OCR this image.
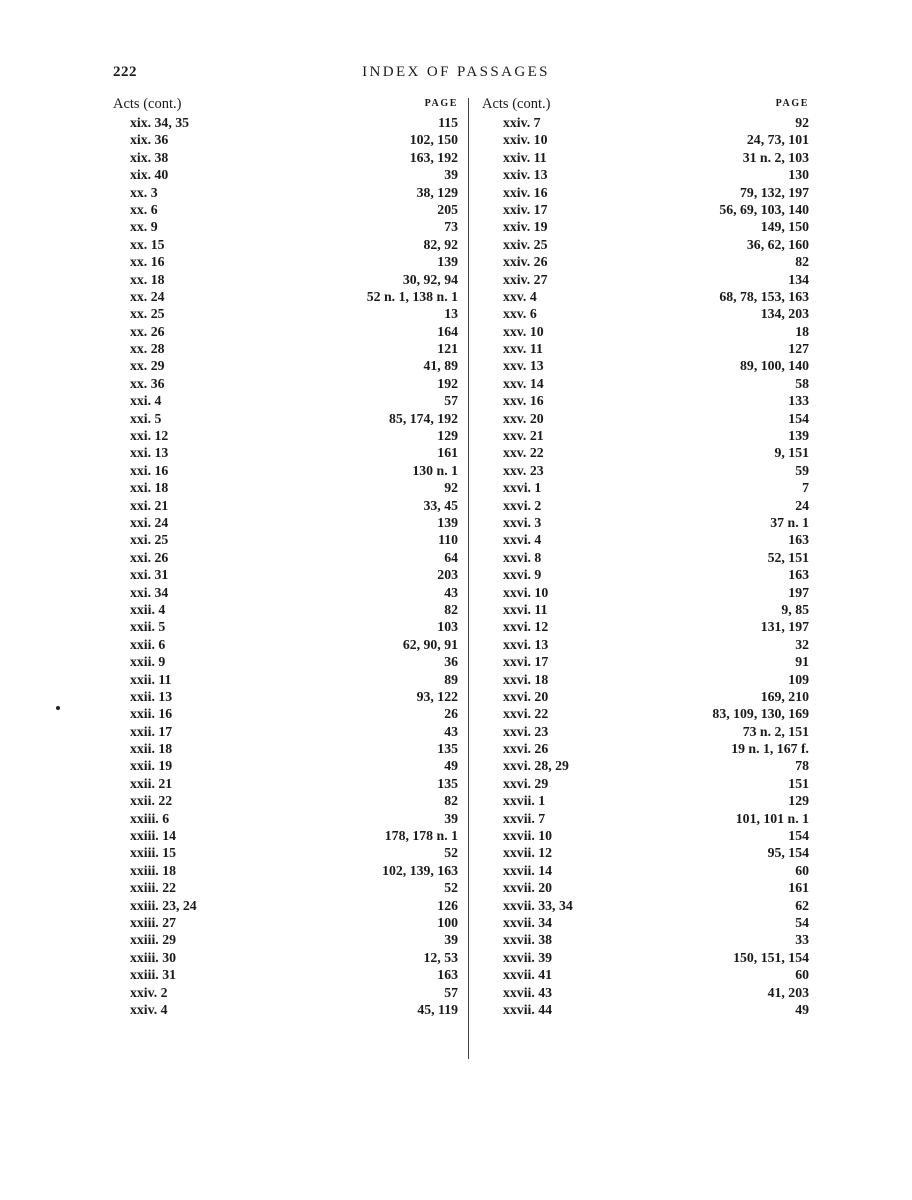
222	INDEX OF PASSAGES
Acts (cont.)	PAGE
xix. 34, 35	115
xix. 36	102, 150
xix. 38	163, 192
xix. 40	39
xx. 3	38, 129
xx. 6	205
xx. 9	73
xx. 15	82, 92
xx. 16	139
xx. 18	30, 92, 94
xx. 24	52 n. 1, 138 n. 1
xx. 25	13
xx. 26	164
xx. 28	121
xx. 29	41, 89
xx. 36	192
xxi. 4	57
xxi. 5	85, 174, 192
xxi. 12	129
xxi. 13	161
xxi. 16	130 n. 1
xxi. 18	92
xxi. 21	33, 45
xxi. 24	139
xxi. 25	110
xxi. 26	64
xxi. 31	203
xxi. 34	43
xxii. 4	82
xxii. 5	103
xxii. 6	62, 90, 91
xxii. 9	36
xxii. 11	89
xxii. 13	93, 122
xxii. 16	26
xxii. 17	43
xxii. 18	135
xxii. 19	49
xxii. 21	135
xxii. 22	82
xxiii. 6	39
xxiii. 14	178, 178 n. 1
xxiii. 15	52
xxiii. 18	102, 139, 163
xxiii. 22	52
xxiii. 23, 24	126
xxiii. 27	100
xxiii. 29	39
xxiii. 30	12, 53
xxiii. 31	163
xxiv. 2	57
xxiv. 4	45, 119
Acts (cont.)	PAGE
xxiv. 7	92
xxiv. 10	24, 73, 101
xxiv. 11	31 n. 2, 103
xxiv. 13	130
xxiv. 16	79, 132, 197
xxiv. 17	56, 69, 103, 140
xxiv. 19	149, 150
xxiv. 25	36, 62, 160
xxiv. 26	82
xxiv. 27	134
xxv. 4	68, 78, 153, 163
xxv. 6	134, 203
xxv. 10	18
xxv. 11	127
xxv. 13	89, 100, 140
xxv. 14	58
xxv. 16	133
xxv. 20	154
xxv. 21	139
xxv. 22	9, 151
xxv. 23	59
xxvi. 1	7
xxvi. 2	24
xxvi. 3	37 n. 1
xxvi. 4	163
xxvi. 8	52, 151
xxvi. 9	163
xxvi. 10	197
xxvi. 11	9, 85
xxvi. 12	131, 197
xxvi. 13	32
xxvi. 17	91
xxvi. 18	109
xxvi. 20	169, 210
xxvi. 22	83, 109, 130, 169
xxvi. 23	73 n. 2, 151
xxvi. 26	19 n. 1, 167 f.
xxvi. 28, 29	78
xxvi. 29	151
xxvii. 1	129
xxvii. 7	101, 101 n. 1
xxvii. 10	154
xxvii. 12	95, 154
xxvii. 14	60
xxvii. 20	161
xxvii. 33, 34	62
xxvii. 34	54
xxvii. 38	33
xxvii. 39	150, 151, 154
xxvii. 41	60
xxvii. 43	41, 203
xxvii. 44	49
